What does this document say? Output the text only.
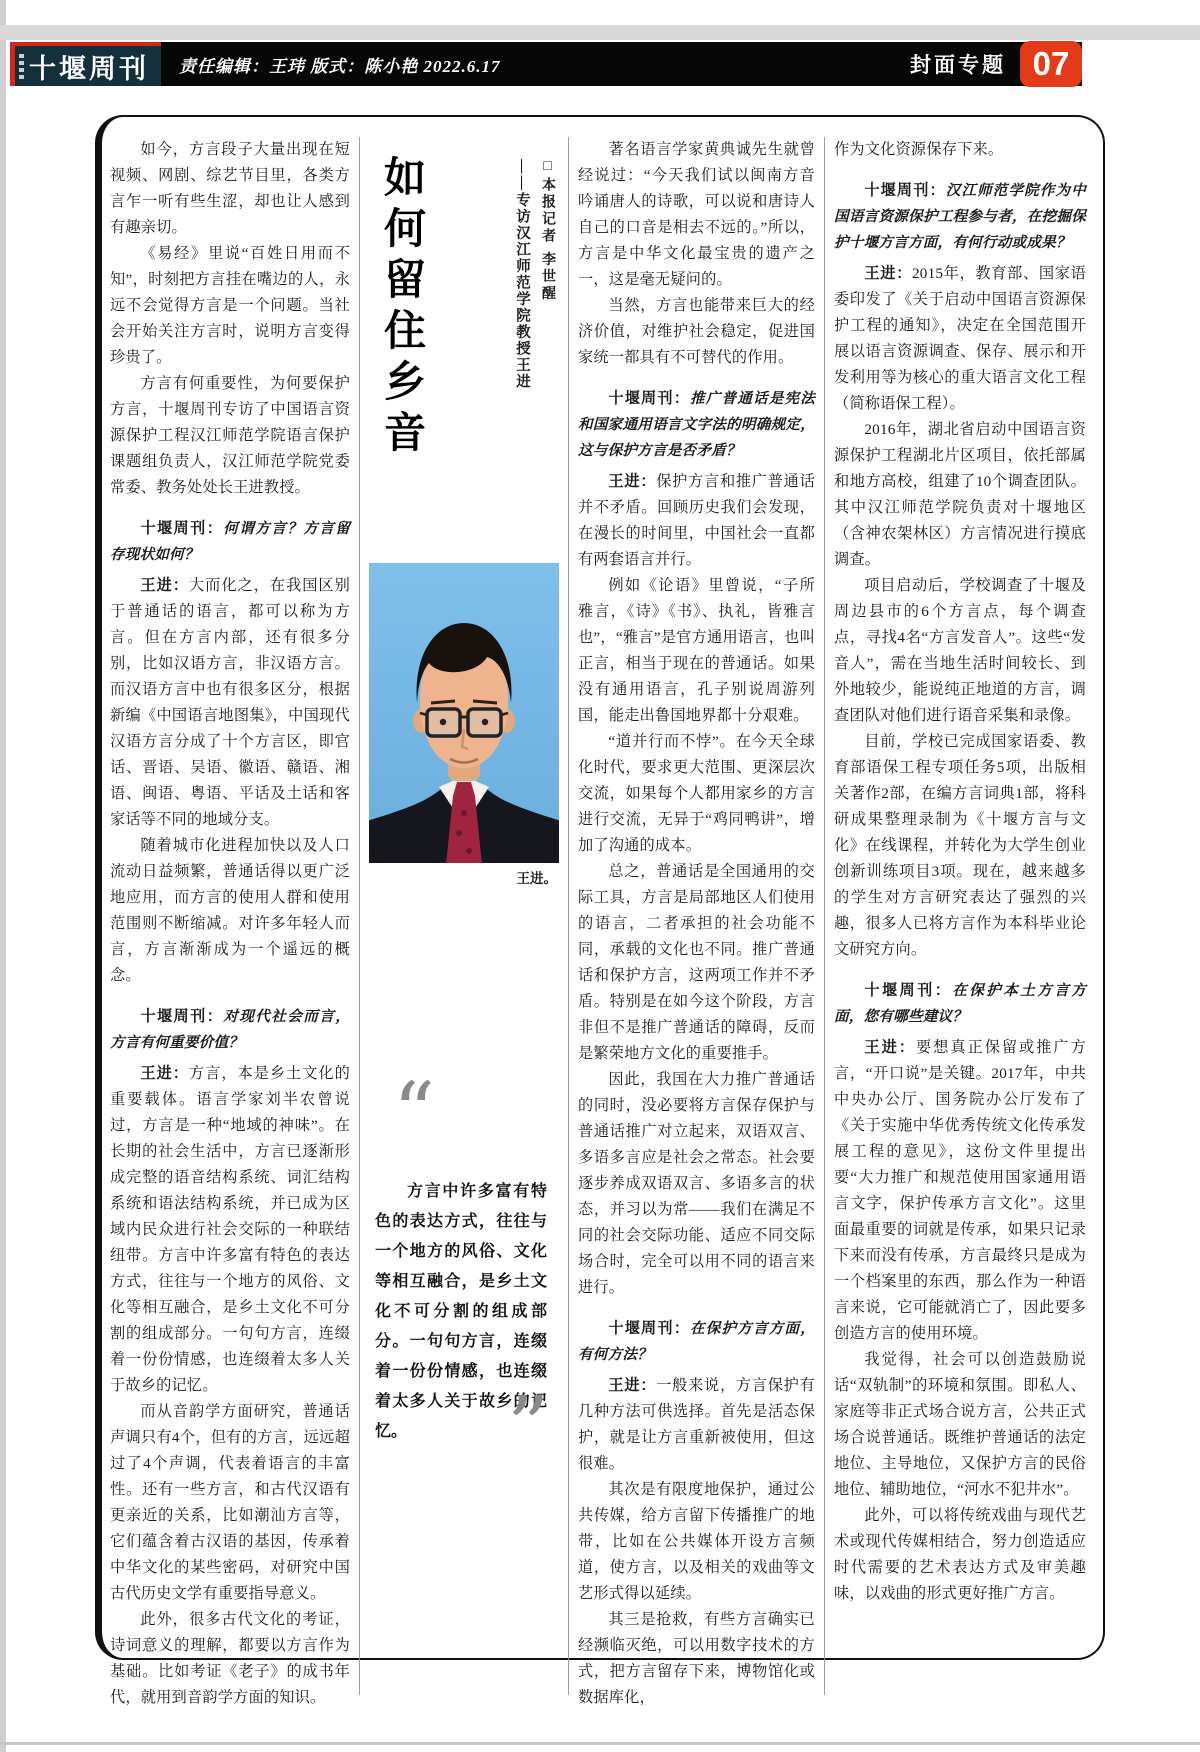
十堰周刊 责任编辑：王玮 版式：陈小艳 2022.6.17	封面专题 07

如今，方言段子大量出现在短视频、网剧、综艺节目里，各类方言乍一听有些生涩，却也让人感到有趣亲切。

《易经》里说“百姓日用而不知”，时刻把方言挂在嘴边的人，永远不会觉得方言是一个问题。当社会开始关注方言时，说明方言变得珍贵了。

方言有何重要性，为何要保护方言，十堰周刊专访了中国语言资源保护工程汉江师范学院语言保护课题组负责人，汉江师范学院党委常委、教务处处长王进教授。

十堰周刊：何谓方言？方言留存现状如何？

王进：大而化之，在我国区别于普通话的语言，都可以称为方言。但在方言内部，还有很多分别，比如汉语方言，非汉语方言。而汉语方言中也有很多区分，根据新编《中国语言地图集》，中国现代汉语方言分成了十个方言区，即官话、晋语、吴语、徽语、赣语、湘语、闽语、粤语、平话及土话和客家话等不同的地域分支。

随着城市化进程加快以及人口流动日益频繁，普通话得以更广泛地应用，而方言的使用人群和使用范围则不断缩减。对许多年轻人而言，方言渐渐成为一个遥远的概念。

十堰周刊：对现代社会而言，方言有何重要价值？

王进：方言，本是乡土文化的重要载体。语言学家刘半农曾说过，方言是一种“地域的神味”。在长期的社会生活中，方言已逐渐形成完整的语音结构系统、词汇结构系统和语法结构系统，并已成为区域内民众进行社会交际的一种联结纽带。方言中许多富有特色的表达方式，往往与一个地方的风俗、文化等相互融合，是乡土文化不可分割的组成部分。一句句方言，连缀着一份份情感，也连缀着太多人关于故乡的记忆。

而从音韵学方面研究，普通话声调只有4个，但有的方言，远远超过了4个声调，代表着语言的丰富性。还有一些方言，和古代汉语有更亲近的关系，比如潮汕方言等，它们蕴含着古汉语的基因，传承着中华文化的某些密码，对研究中国古代历史文学有重要指导意义。

此外，很多古代文化的考证，诗词意义的理解，都要以方言作为基础。比如考证《老子》的成书年代，就用到音韵学方面的知识。

如何留住乡音	——专访汉江师范学院教授王进 □本报记者 李世醒
王进。
“
方言中许多富有特色的表达方式，往往与一个地方的风俗、文化等相互融合，是乡土文化不可分割的组成部分。一句句方言，连缀着一份份情感，也连缀着太多人关于故乡的记忆。	”

著名语言学家黄典诚先生就曾经说过：“今天我们试以闽南方音吟诵唐人的诗歌，可以说和唐诗人自己的口音是相去不远的。”所以，方言是中华文化最宝贵的遗产之一，这是毫无疑问的。

当然，方言也能带来巨大的经济价值，对维护社会稳定，促进国家统一都具有不可替代的作用。

十堰周刊：推广普通话是宪法和国家通用语言文字法的明确规定，这与保护方言是否矛盾？

王进：保护方言和推广普通话并不矛盾。回顾历史我们会发现，在漫长的时间里，中国社会一直都有两套语言并行。

例如《论语》里曾说，“子所雅言，《诗》《书》、执礼，皆雅言也”，“雅言”是官方通用语言，也叫正言，相当于现在的普通话。如果没有通用语言，孔子别说周游列国，能走出鲁国地界都十分艰难。

“道并行而不悖”。在今天全球化时代，要求更大范围、更深层次交流，如果每个人都用家乡的方言进行交流，无异于“鸡同鸭讲”，增加了沟通的成本。

总之，普通话是全国通用的交际工具，方言是局部地区人们使用的语言，二者承担的社会功能不同，承载的文化也不同。推广普通话和保护方言，这两项工作并不矛盾。特别是在如今这个阶段，方言非但不是推广普通话的障碍，反而是繁荣地方文化的重要推手。

因此，我国在大力推广普通话的同时，没必要将方言保存保护与普通话推广对立起来，双语双言、多语多言应是社会之常态。社会要逐步养成双语双言、多语多言的状态，并习以为常——我们在满足不同的社会交际功能、适应不同交际场合时，完全可以用不同的语言来进行。

十堰周刊：在保护方言方面，有何方法？

王进：一般来说，方言保护有几种方法可供选择。首先是活态保护，就是让方言重新被使用，但这很难。

其次是有限度地保护，通过公共传媒，给方言留下传播推广的地带，比如在公共媒体开设方言频道，使方言，以及相关的戏曲等文艺形式得以延续。

其三是抢救，有些方言确实已经濒临灭绝，可以用数字技术的方式，把方言留存下来，博物馆化或数据库化，

作为文化资源保存下来。

十堰周刊：汉江师范学院作为中国语言资源保护工程参与者，在挖掘保护十堰方言方面，有何行动或成果？

王进：2015年，教育部、国家语委印发了《关于启动中国语言资源保护工程的通知》，决定在全国范围开展以语言资源调查、保存、展示和开发利用等为核心的重大语言文化工程（简称语保工程）。

2016年，湖北省启动中国语言资源保护工程湖北片区项目，依托部属和地方高校，组建了10个调查团队。其中汉江师范学院负责对十堰地区（含神农架林区）方言情况进行摸底调查。

项目启动后，学校调查了十堰及周边县市的6个方言点，每个调查点，寻找4名“方言发音人”。这些“发音人”，需在当地生活时间较长、到外地较少，能说纯正地道的方言，调查团队对他们进行语音采集和录像。

目前，学校已完成国家语委、教育部语保工程专项任务5项，出版相关著作2部，在编方言词典1部，将科研成果整理录制为《十堰方言与文化》在线课程，并转化为大学生创业创新训练项目3项。现在，越来越多的学生对方言研究表达了强烈的兴趣，很多人已将方言作为本科毕业论文研究方向。

十堰周刊：在保护本土方言方面，您有哪些建议？

王进：要想真正保留或推广方言，“开口说”是关键。2017年，中共中央办公厅、国务院办公厅发布了《关于实施中华优秀传统文化传承发展工程的意见》，这份文件里提出要“大力推广和规范使用国家通用语言文字，保护传承方言文化”。这里面最重要的词就是传承，如果只记录下来而没有传承，方言最终只是成为一个档案里的东西，那么作为一种语言来说，它可能就消亡了，因此要多创造方言的使用环境。

我觉得，社会可以创造鼓励说话“双轨制”的环境和氛围。即私人、家庭等非正式场合说方言，公共正式场合说普通话。既维护普通话的法定地位、主导地位，又保护方言的民俗地位、辅助地位，“河水不犯井水”。

此外，可以将传统戏曲与现代艺术或现代传媒相结合，努力创造适应时代需要的艺术表达方式及审美趣味，以戏曲的形式更好推广方言。
